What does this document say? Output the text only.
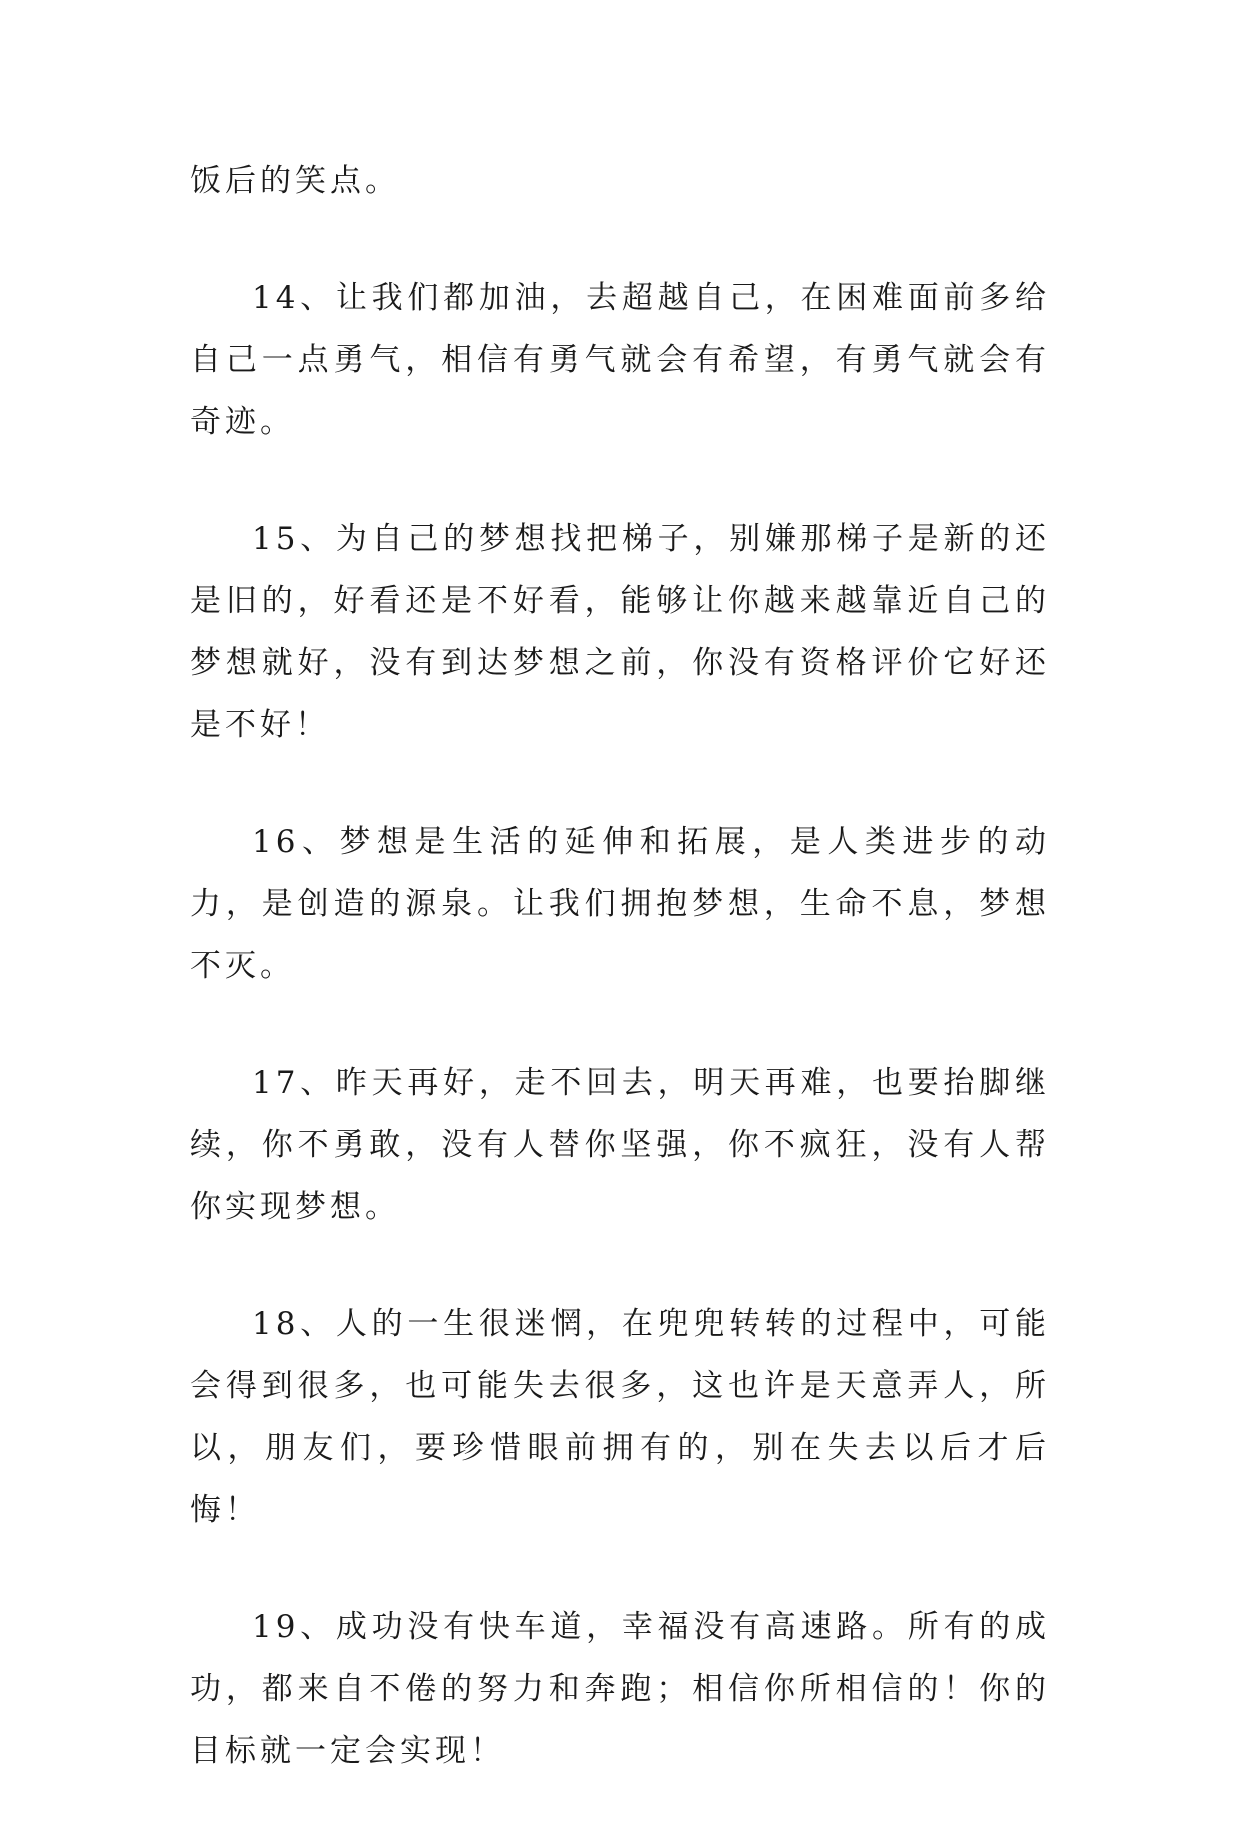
饭后的笑点。

14、让我们都加油，去超越自己，在困难面前多给自己一点勇气，相信有勇气就会有希望，有勇气就会有奇迹。

15、为自己的梦想找把梯子，别嫌那梯子是新的还是旧的，好看还是不好看，能够让你越来越靠近自己的梦想就好，没有到达梦想之前，你没有资格评价它好还是不好！

16、梦想是生活的延伸和拓展，是人类进步的动力，是创造的源泉。让我们拥抱梦想，生命不息，梦想不灭。

17、昨天再好，走不回去，明天再难，也要抬脚继续，你不勇敢，没有人替你坚强，你不疯狂，没有人帮你实现梦想。

18、人的一生很迷惘，在兜兜转转的过程中，可能会得到很多，也可能失去很多，这也许是天意弄人，所以，朋友们，要珍惜眼前拥有的，别在失去以后才后悔！

19、成功没有快车道，幸福没有高速路。所有的成功，都来自不倦的努力和奔跑；相信你所相信的！你的目标就一定会实现！
